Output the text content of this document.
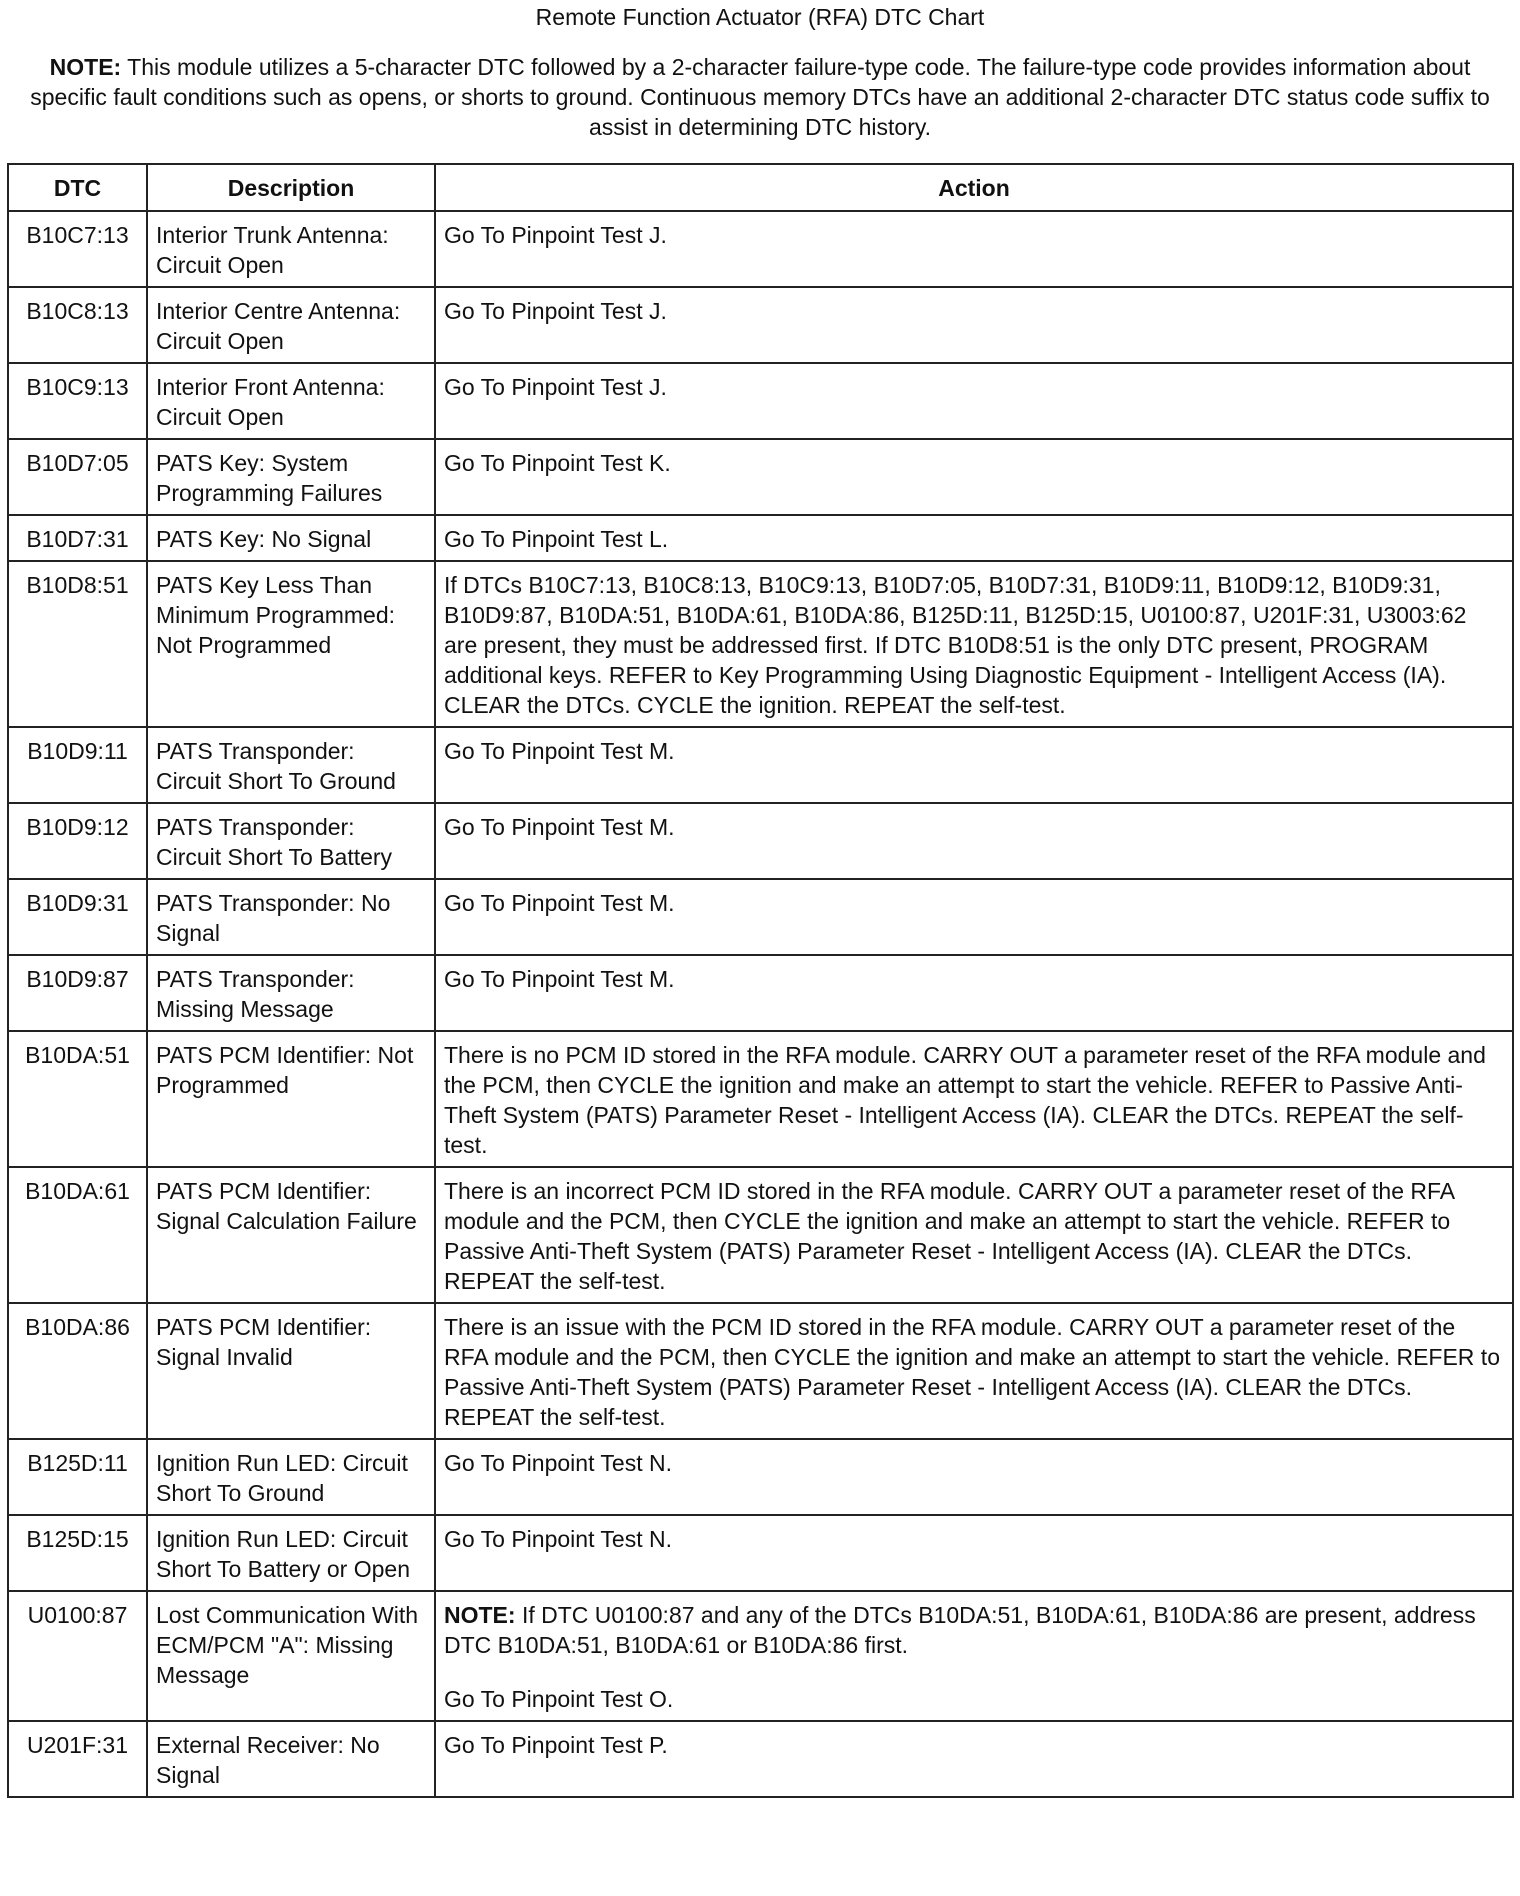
Remote Function Actuator (RFA) DTC Chart
NOTE: This module utilizes a 5-character DTC followed by a 2-character failure-type code. The failure-type code provides information about specific fault conditions such as opens, or shorts to ground. Continuous memory DTCs have an additional 2-character DTC status code suffix to assist in determining DTC history.
DTC	Description	Action
B10C7:13	Interior Trunk Antenna: Circuit Open	Go To Pinpoint Test J.
B10C8:13	Interior Centre Antenna: Circuit Open	Go To Pinpoint Test J.
B10C9:13	Interior Front Antenna: Circuit Open	Go To Pinpoint Test J.
B10D7:05	PATS Key: System Programming Failures	Go To Pinpoint Test K.
B10D7:31	PATS Key: No Signal	Go To Pinpoint Test L.
B10D8:51	PATS Key Less Than Minimum Programmed: Not Programmed	If DTCs B10C7:13, B10C8:13, B10C9:13, B10D7:05, B10D7:31, B10D9:11, B10D9:12, B10D9:31, B10D9:87, B10DA:51, B10DA:61, B10DA:86, B125D:11, B125D:15, U0100:87, U201F:31, U3003:62 are present, they must be addressed first. If DTC B10D8:51 is the only DTC present, PROGRAM additional keys. REFER to Key Programming Using Diagnostic Equipment - Intelligent Access (IA). CLEAR the DTCs. CYCLE the ignition. REPEAT the self-test.
B10D9:11	PATS Transponder: Circuit Short To Ground	Go To Pinpoint Test M.
B10D9:12	PATS Transponder: Circuit Short To Battery	Go To Pinpoint Test M.
B10D9:31	PATS Transponder: No Signal	Go To Pinpoint Test M.
B10D9:87	PATS Transponder: Missing Message	Go To Pinpoint Test M.
B10DA:51	PATS PCM Identifier: Not Programmed	There is no PCM ID stored in the RFA module. CARRY OUT a parameter reset of the RFA module and the PCM, then CYCLE the ignition and make an attempt to start the vehicle. REFER to Passive Anti-Theft System (PATS) Parameter Reset - Intelligent Access (IA). CLEAR the DTCs. REPEAT the self-test.
B10DA:61	PATS PCM Identifier: Signal Calculation Failure	There is an incorrect PCM ID stored in the RFA module. CARRY OUT a parameter reset of the RFA module and the PCM, then CYCLE the ignition and make an attempt to start the vehicle. REFER to Passive Anti-Theft System (PATS) Parameter Reset - Intelligent Access (IA). CLEAR the DTCs. REPEAT the self-test.
B10DA:86	PATS PCM Identifier: Signal Invalid	There is an issue with the PCM ID stored in the RFA module. CARRY OUT a parameter reset of the RFA module and the PCM, then CYCLE the ignition and make an attempt to start the vehicle. REFER to Passive Anti-Theft System (PATS) Parameter Reset - Intelligent Access (IA). CLEAR the DTCs. REPEAT the self-test.
B125D:11	Ignition Run LED: Circuit Short To Ground	Go To Pinpoint Test N.
B125D:15	Ignition Run LED: Circuit Short To Battery or Open	Go To Pinpoint Test N.
U0100:87	Lost Communication With ECM/PCM "A": Missing Message	NOTE: If DTC U0100:87 and any of the DTCs B10DA:51, B10DA:61, B10DA:86 are present, address DTC B10DA:51, B10DA:61 or B10DA:86 first.
Go To Pinpoint Test O.
U201F:31	External Receiver: No Signal	Go To Pinpoint Test P.
